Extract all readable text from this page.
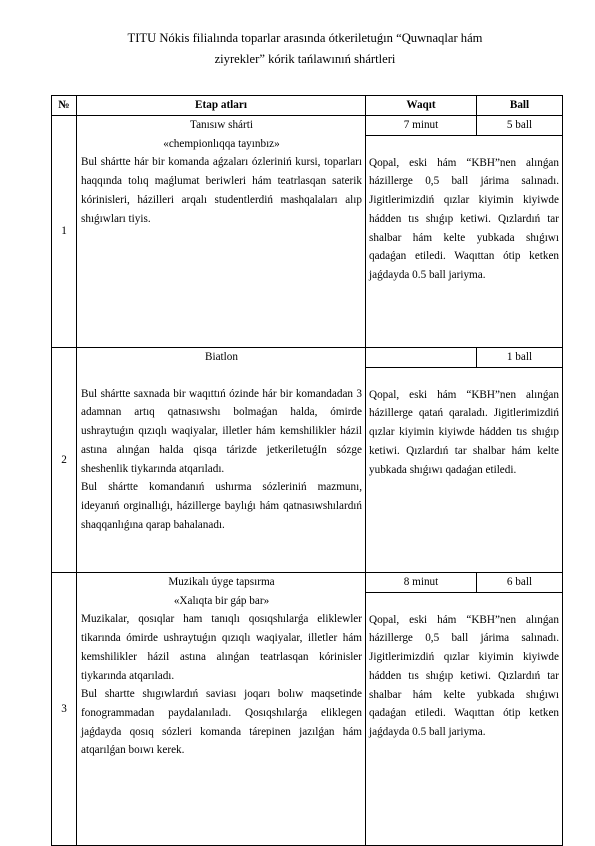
TITU Nókis filialında toparlar arasında ótkeriletuǵın “Quwnaqlar hám
ziyrekler” kórik tańlawınıń shártleri
№	Etap atları	Waqıt	Ball
1	Tanısıw shárti
«chempionlıqqa tayınbız»
Bul shártte hár bir komanda aǵzaları ózleriniń kursi, toparları haqqında tolıq maǵlumat beriwleri hám teatrlasqan saterik kórinisleri, házilleri arqalı studentlerdiń mashqalaları alıp shıǵıwları tiyis.	7 minut	5 ball

		Qopal, eski hám “KBH”nen alınǵan házillerge 0,5 ball járima salınadı. Jigitlerimizdiń qızlar kiyimin kiyiwde hádden tıs shıǵıp ketiwi. Qızlardıń tar shalbar hám kelte yubkada shıǵıwı qadaǵan etiledi. Waqıttan ótip ketken jaǵdayda 0.5 ball jariyma.	

2	Biatlon
Bul shártte saxnada bir waqıttıń ózinde hár bir komandadan 3 adamnan artıq qatnasıwshı bolmaǵan halda, ómirde ushraytuǵın qızıqlı waqiyalar, illetler hám kemshilikler házil astına alınǵan halda qisqa tárizde jetkeriletuǵIn sózge sheshenlik tiykarında atqarıladı.
Bul shártte komandanıń ushırma sózleriniń mazmunı, ideyanıń orginallıǵı, házillerge baylıǵı hám qatnasıwshılardıń shaqqanlıǵına qarap bahalanadı.		1 ball

		Qopal, eski hám “KBH”nen alınǵan házillerge qatań qaraladı. Jigitlerimizdiń qızlar kiyimin kiyiwde hádden tıs shıǵıp ketiwi. Qızlardıń tar shalbar hám kelte yubkada shıǵıwı qadaǵan etiledi.	

3	Muzikalı úyge tapsırma
«Xalıqta bir gáp bar»
Muzikalar, qosıqlar ham tanıqlı qosıqshılarǵa eliklewler tikarında ómirde ushraytuǵın qızıqlı waqiyalar, illetler hám kemshilikler házil astına alınǵan teatrlasqan kórinisler tiykarında atqarıladı.
Bul shartte shıgıwlardıń saviası joqarı bolıw maqsetinde fonogrammadan paydalanıladı. Qosıqshılarǵa eliklegen jaǵdayda qosıq sózleri komanda tárepinen jazılǵan hám atqarılǵan boıwı kerek.	8 minut	6 ball

		Qopal, eski hám “KBH”nen alınǵan házillerge 0,5 ball járima salınadı. Jigitlerimizdiń qızlar kiyimin kiyiwde hádden tıs shıǵıp ketiwi. Qızlardıń tar shalbar hám kelte yubkada shıǵıwı qadaǵan etiledi. Waqıttan ótip ketken jaǵdayda 0.5 ball jariyma.	
